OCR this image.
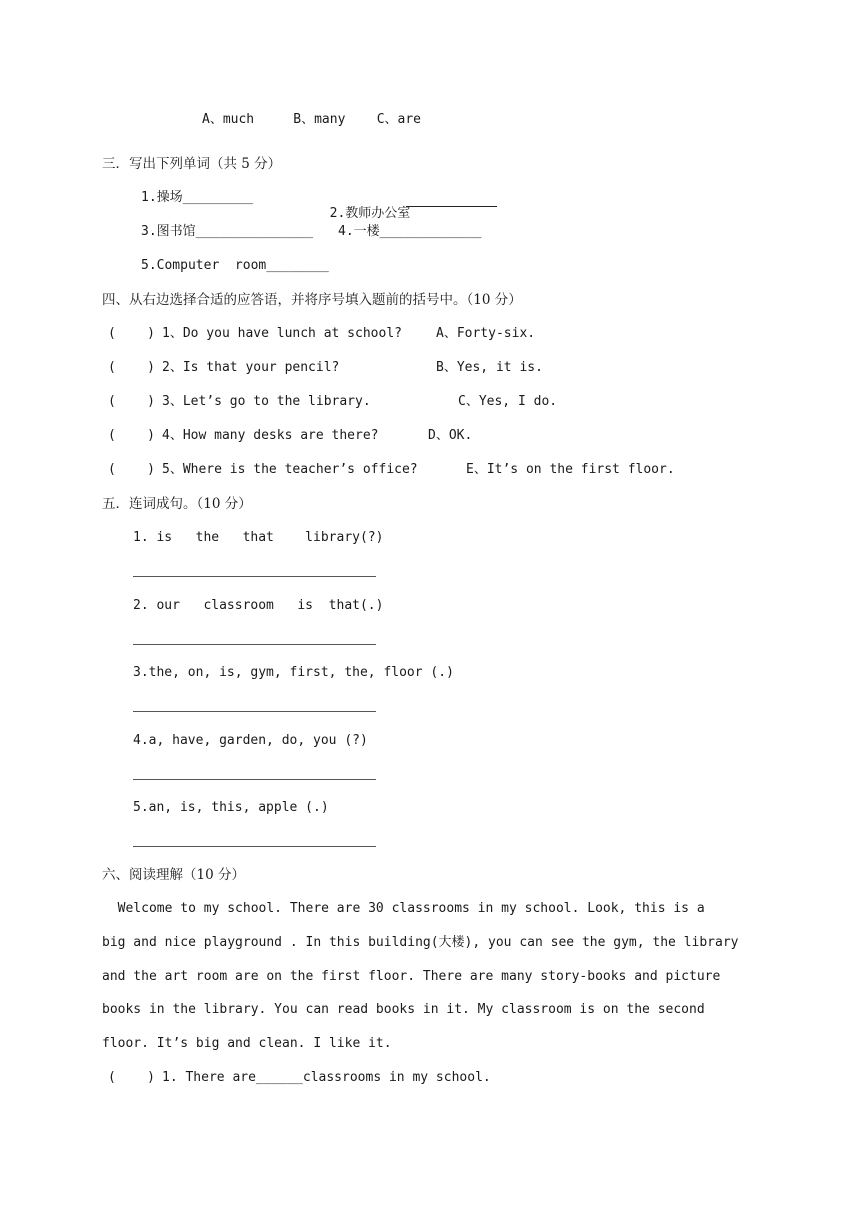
A、much     B、many    C、are
三．写出下列单词（共 5 分）
1.操场_________

2.教师办公室

3.图书馆_______________ 4.一楼_____________
5.Computer  room________
四、从右边选择合适的应答语，并将序号填入题前的括号中。（10 分）
(    ) 1、Do you have lunch at school?	A、Forty-six.
(    ) 2、Is that your pencil?	B、Yes, it is.
(    ) 3、Let’s go to the library.	C、Yes, I do.
(    ) 4、How many desks are there?	D、OK.
(    ) 5、Where is the teacher’s office?	E、It’s on the first floor.
五．连词成句。（10 分）
1. is   the   that    library(?)
2. our   classroom   is  that(.)
3.the, on, is, gym, first, the, floor (.)
4.a, have, garden, do, you (?)
5.an, is, this, apple (.)
六、阅读理解（10 分）
Welcome to my school. There are 30 classrooms in my school. Look, this is a
big and nice playground . In this building(大楼), you can see the gym, the library
and the art room are on the first floor. There are many story-books and picture
books in the library. You can read books in it. My classroom is on the second
floor. It’s big and clean. I like it.
(    ) 1. There are______classrooms in my school.
